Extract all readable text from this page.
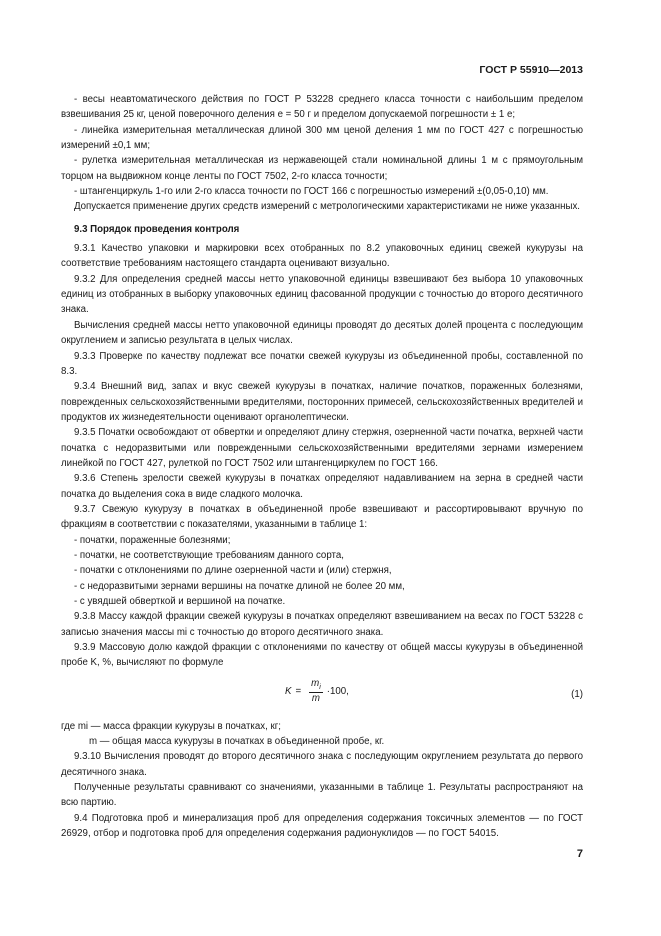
ГОСТ Р 55910—2013

- весы неавтоматического действия по ГОСТ Р 53228 среднего класса точности с наибольшим пределом взвешивания 25 кг, ценой поверочного деления e = 50 г и пределом допускаемой погрешности ± 1 e;

- линейка измерительная металлическая длиной 300 мм ценой деления 1 мм по ГОСТ 427 с погрешностью измерений ±0,1 мм;

- рулетка измерительная металлическая из нержавеющей стали номинальной длины 1 м с прямоугольным торцом на выдвижном конце ленты по ГОСТ 7502, 2-го класса точности;

- штангенциркуль 1-го или 2-го класса точности по ГОСТ 166 с погрешностью измерений ±(0,05-0,10) мм.

Допускается применение других средств измерений с метрологическими характеристиками не ниже указанных.

9.3 Порядок проведения контроля

9.3.1 Качество упаковки и маркировки всех отобранных по 8.2 упаковочных единиц свежей кукурузы на соответствие требованиям настоящего стандарта оценивают визуально.

9.3.2 Для определения средней массы нетто упаковочной единицы взвешивают без выбора 10 упаковочных единиц из отобранных в выборку упаковочных единиц фасованной продукции с точностью до второго десятичного знака.

Вычисления средней массы нетто упаковочной единицы проводят до десятых долей процента с последующим округлением и записью результата в целых числах.

9.3.3 Проверке по качеству подлежат все початки свежей кукурузы из объединенной пробы, составленной по 8.3.

9.3.4 Внешний вид, запах и вкус свежей кукурузы в початках, наличие початков, пораженных болезнями, поврежденных сельскохозяйственными вредителями, посторонних примесей, сельскохозяйственных вредителей и продуктов их жизнедеятельности оценивают органолептически.

9.3.5 Початки освобождают от обвертки и определяют длину стержня, озерненной части початка, верхней части початка с недоразвитыми или поврежденными сельскохозяйственными вредителями зернами измерением линейкой по ГОСТ 427, рулеткой по ГОСТ 7502 или штангенциркулем по ГОСТ 166.

9.3.6 Степень зрелости свежей кукурузы в початках определяют надавливанием на зерна в средней части початка до выделения сока в виде сладкого молочка.

9.3.7 Свежую кукурузу в початках в объединенной пробе взвешивают и рассортировывают вручную по фракциям в соответствии с показателями, указанными в таблице 1:

- початки, пораженные болезнями;

- початки, не соответствующие требованиям данного сорта,

- початки с отклонениями по длине озерненной части и (или) стержня,

- с недоразвитыми зернами вершины на початке длиной не более 20 мм,

- с увядшей обверткой и вершиной на початке.

9.3.8 Массу каждой фракции свежей кукурузы в початках определяют взвешиванием на весах по ГОСТ 53228 с записью значения массы mi с точностью до второго десятичного знака.

9.3.9 Массовую долю каждой фракции с отклонениями по качеству от общей массы кукурузы в объединенной пробе K, %, вычисляют по формуле

$K = \frac{m_i}{m} \cdot 100$,	(1)

где mi — масса фракции кукурузы в початках, кг;

m — общая масса кукурузы в початках в объединенной пробе, кг.

9.3.10 Вычисления проводят до второго десятичного знака с последующим округлением результата до первого десятичного знака.

Полученные результаты сравнивают со значениями, указанными в таблице 1. Результаты распространяют на всю партию.

9.4 Подготовка проб и минерализация проб для определения содержания токсичных элементов — по ГОСТ 26929, отбор и подготовка проб для определения содержания радионуклидов — по ГОСТ 54015.

7
